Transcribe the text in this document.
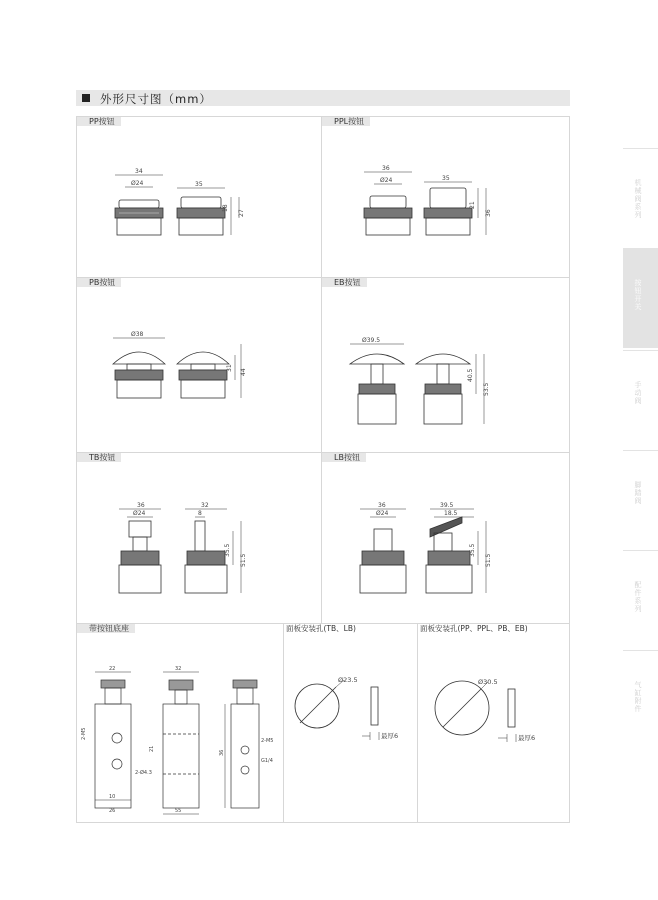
外形尺寸图（mm）
PP按钮
34
Ø24	35
18
27
PPL按钮
36
Ø24	35
21
36
PB按钮
Ø38
31
44
EB按钮
Ø39.5
40.5
53.5
TB按钮
36
Ø24
32
8
35.5
51.5
LB按钮
36
Ø24
39.5
18.5
35.5
51.5
带按钮底座
22	32
2-M5
21
36
2-Ø4.3
10
26	55
2-M5
G1/4
面板安装孔(TB、LB)
Ø23.5
最厚6
面板安装孔(PP、PPL、PB、EB)
Ø30.5
最厚6
机械阀系列
按钮开关
手动阀
脚踏阀
配件系列
气缸附件
